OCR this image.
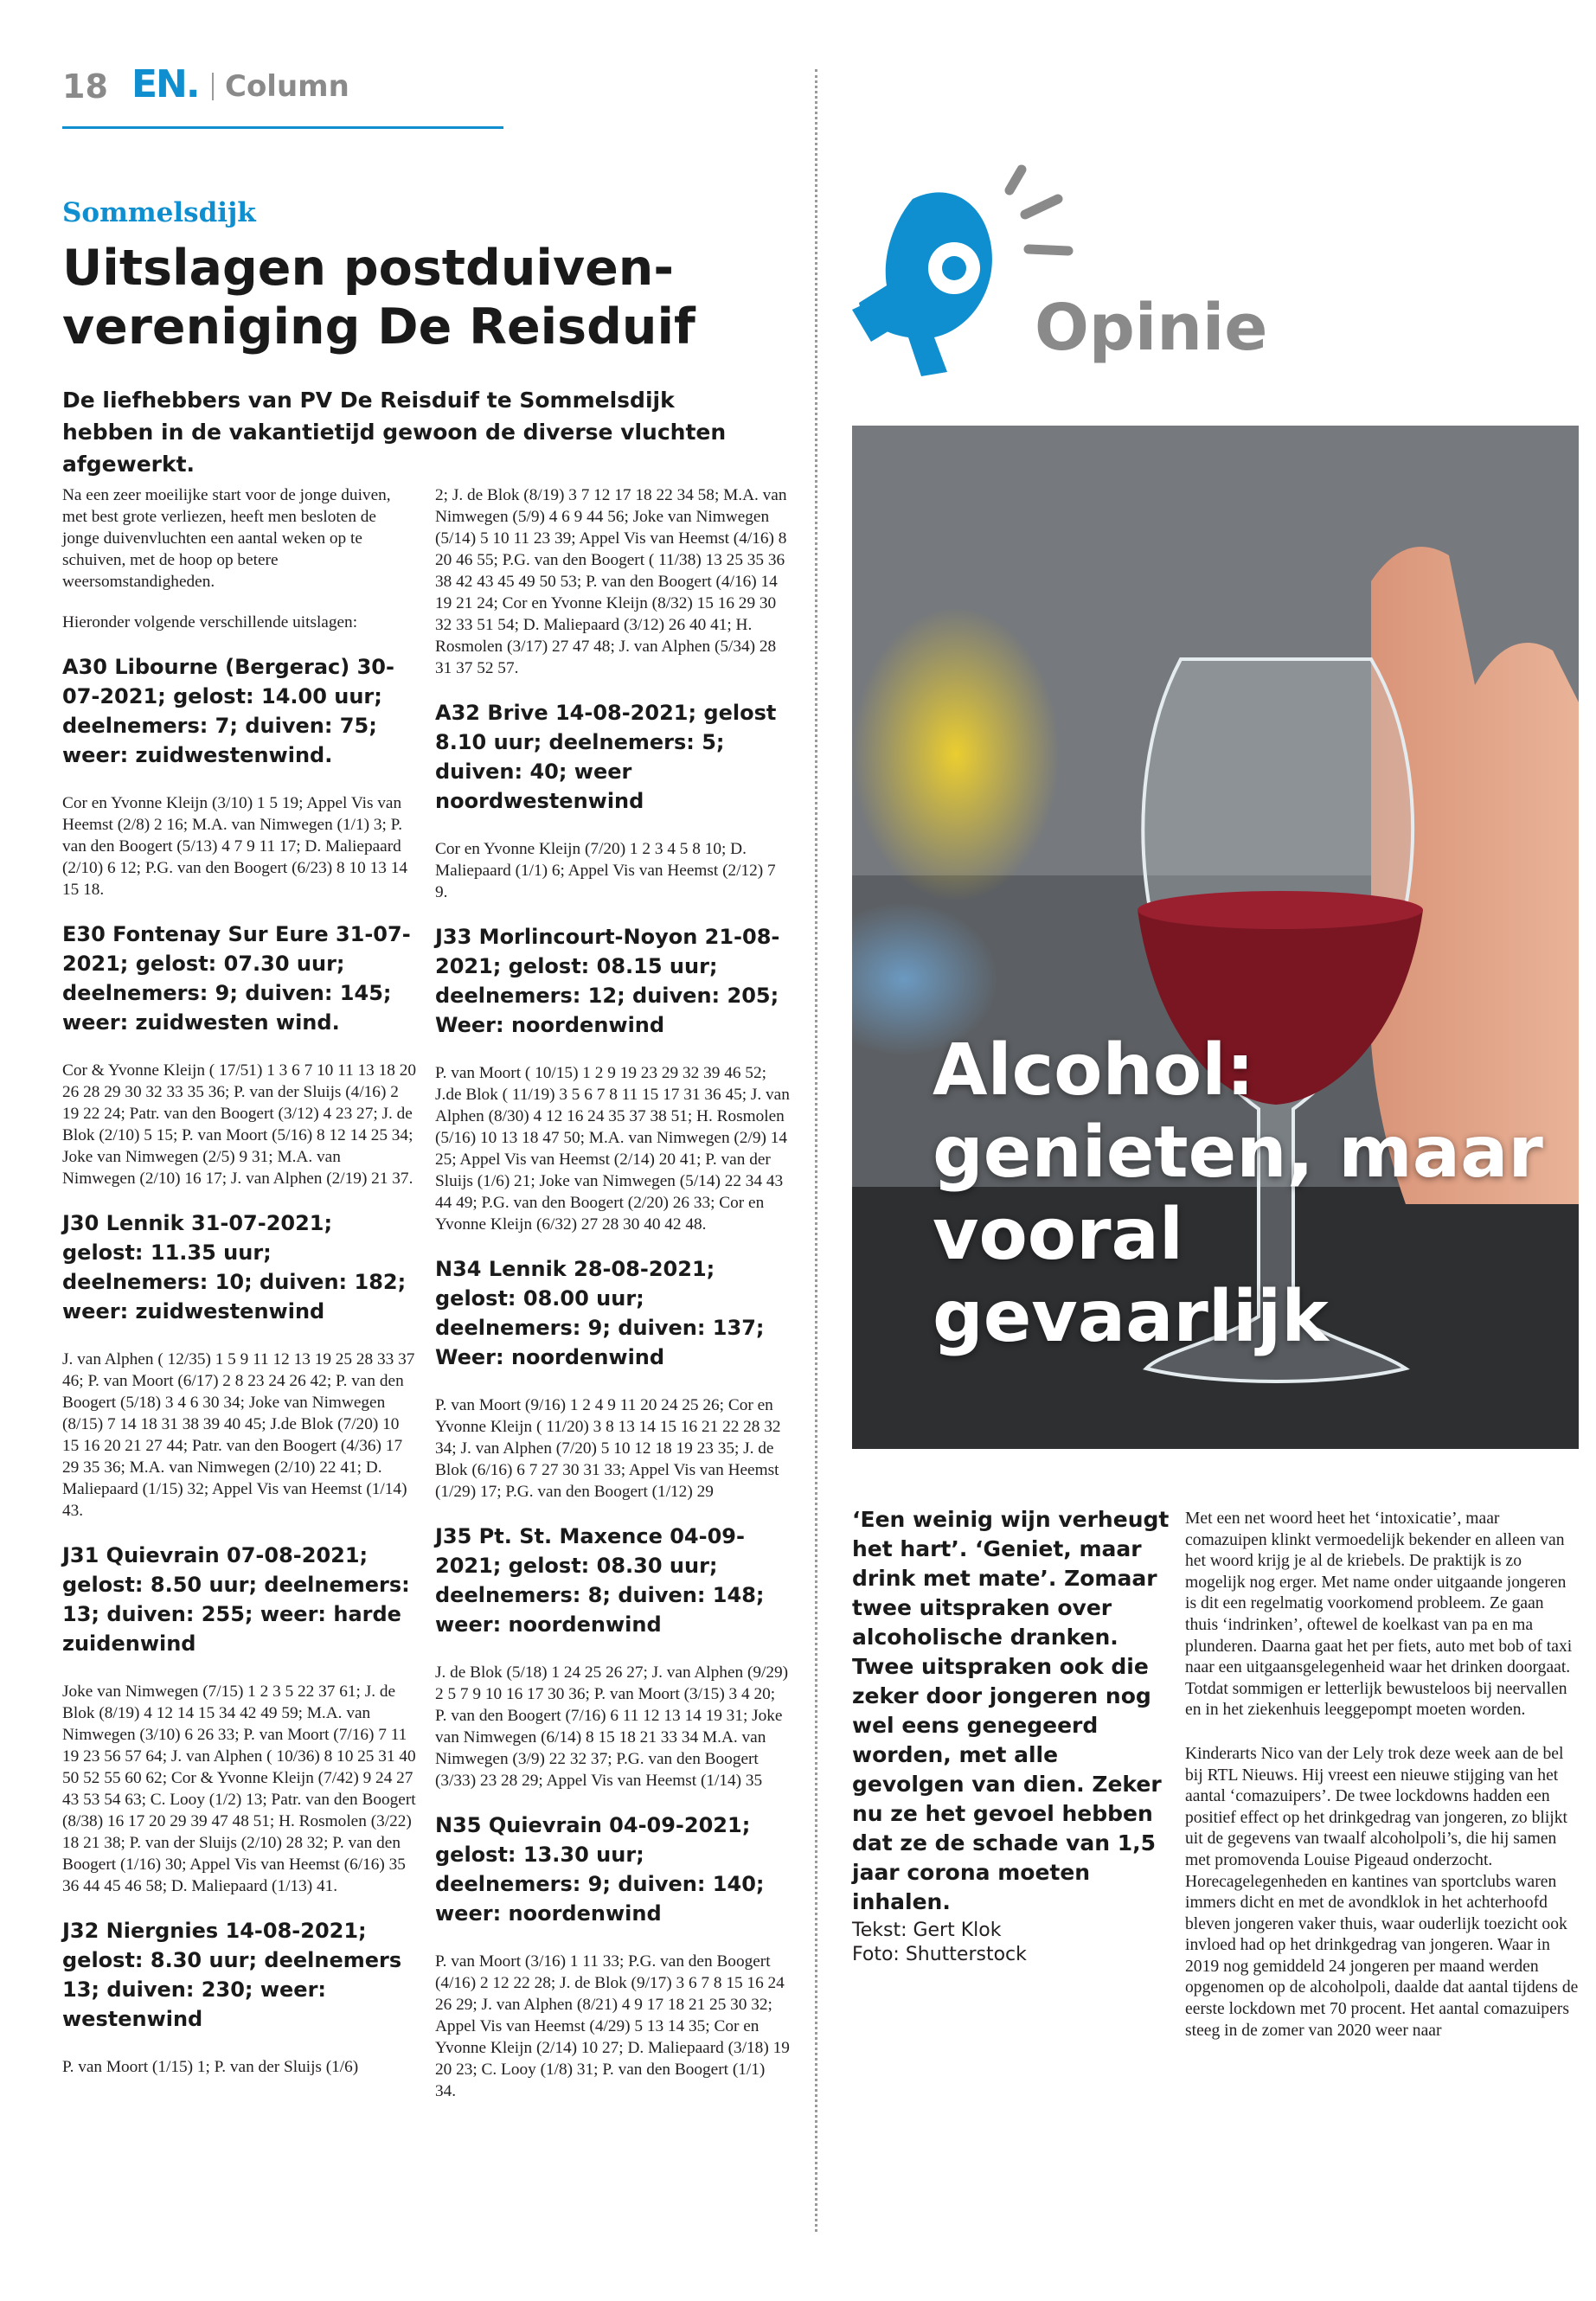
18 EN. Column
Sommelsdijk
Uitslagen postduiven-vereniging De Reisduif
De liefhebbers van PV De Reisduif te Sommelsdijk hebben in de vakantietijd gewoon de diverse vluchten afgewerkt.

Na een zeer moeilijke start voor de jonge duiven, met best grote verliezen, heeft men besloten de jonge duivenvluchten een aantal weken op te schuiven, met de hoop op betere weersomstandigheden.

Hieronder volgende verschillende uitslagen:

A30 Libourne (Bergerac) 30-07-2021; gelost: 14.00 uur; deelnemers: 7; duiven: 75; weer: zuidwestenwind.

Cor en Yvonne Kleijn (3/10) 1 5 19; Appel Vis van Heemst (2/8) 2 16; M.A. van Nimwegen (1/1) 3; P. van den Boogert (5/13) 4 7 9 11 17; D. Maliepaard (2/10) 6 12; P.G. van den Boogert (6/23) 8 10 13 14 15 18.

E30 Fontenay Sur Eure 31-07-2021; gelost: 07.30 uur; deelnemers: 9; duiven: 145; weer: zuidwesten wind.

Cor & Yvonne Kleijn ( 17/51) 1 3 6 7 10 11 13 18 20 26 28 29 30 32 33 35 36; P. van der Sluijs (4/16) 2 19 22 24; Patr. van den Boogert (3/12) 4 23 27; J. de Blok (2/10) 5 15; P. van Moort (5/16) 8 12 14 25 34; Joke van Nimwegen (2/5) 9 31; M.A. van Nimwegen (2/10) 16 17; J. van Alphen (2/19) 21 37.

J30 Lennik 31-07-2021; gelost: 11.35 uur; deelnemers: 10; duiven: 182; weer: zuidwestenwind

J. van Alphen ( 12/35) 1 5 9 11 12 13 19 25 28 33 37 46; P. van Moort (6/17) 2 8 23 24 26 42; P. van den Boogert (5/18) 3 4 6 30 34; Joke van Nimwegen (8/15) 7 14 18 31 38 39 40 45; J.de Blok (7/20) 10 15 16 20 21 27 44; Patr. van den Boogert (4/36) 17 29 35 36; M.A. van Nimwegen (2/10) 22 41; D. Maliepaard (1/15) 32; Appel Vis van Heemst (1/14) 43.

J31 Quievrain 07-08-2021; gelost: 8.50 uur; deelnemers: 13; duiven: 255; weer: harde zuidenwind

Joke van Nimwegen (7/15) 1 2 3 5 22 37 61; J. de Blok (8/19) 4 12 14 15 34 42 49 59; M.A. van Nimwegen (3/10) 6 26 33; P. van Moort (7/16) 7 11 19 23 56 57 64; J. van Alphen ( 10/36) 8 10 25 31 40 50 52 55 60 62; Cor & Yvonne Kleijn (7/42) 9 24 27 43 53 54 63; C. Looy (1/2) 13; Patr. van den Boogert (8/38) 16 17 20 29 39 47 48 51; H. Rosmolen (3/22) 18 21 38; P. van der Sluijs (2/10) 28 32; P. van den Boogert (1/16) 30; Appel Vis van Heemst (6/16) 35 36 44 45 46 58; D. Maliepaard (1/13) 41.

J32 Niergnies 14-08-2021; gelost: 8.30 uur; deelnemers 13; duiven: 230; weer: westenwind

P. van Moort (1/15) 1; P. van der Sluijs (1/6)

2; J. de Blok (8/19) 3 7 12 17 18 22 34 58; M.A. van Nimwegen (5/9) 4 6 9 44 56; Joke van Nimwegen (5/14) 5 10 11 23 39; Appel Vis van Heemst (4/16) 8 20 46 55; P.G. van den Boogert ( 11/38) 13 25 35 36 38 42 43 45 49 50 53; P. van den Boogert (4/16) 14 19 21 24; Cor en Yvonne Kleijn (8/32) 15 16 29 30 32 33 51 54; D. Maliepaard (3/12) 26 40 41; H. Rosmolen (3/17) 27 47 48; J. van Alphen (5/34) 28 31 37 52 57.

A32 Brive 14-08-2021; gelost 8.10 uur; deelnemers: 5; duiven: 40; weer noordwestenwind

Cor en Yvonne Kleijn (7/20) 1 2 3 4 5 8 10; D. Maliepaard (1/1) 6; Appel Vis van Heemst (2/12) 7 9.

J33 Morlincourt-Noyon 21-08-2021; gelost: 08.15 uur; deelnemers: 12; duiven: 205; Weer: noordenwind

P. van Moort ( 10/15) 1 2 9 19 23 29 32 39 46 52; J.de Blok ( 11/19) 3 5 6 7 8 11 15 17 31 36 45; J. van Alphen (8/30) 4 12 16 24 35 37 38 51; H. Rosmolen (5/16) 10 13 18 47 50; M.A. van Nimwegen (2/9) 14 25; Appel Vis van Heemst (2/14) 20 41; P. van der Sluijs (1/6) 21; Joke van Nimwegen (5/14) 22 34 43 44 49; P.G. van den Boogert (2/20) 26 33; Cor en Yvonne Kleijn (6/32) 27 28 30 40 42 48.

N34 Lennik 28-08-2021; gelost: 08.00 uur; deelnemers: 9; duiven: 137; Weer: noordenwind

P. van Moort (9/16) 1 2 4 9 11 20 24 25 26; Cor en Yvonne Kleijn ( 11/20) 3 8 13 14 15 16 21 22 28 32 34; J. van Alphen (7/20) 5 10 12 18 19 23 35; J. de Blok (6/16) 6 7 27 30 31 33; Appel Vis van Heemst (1/29) 17; P.G. van den Boogert (1/12) 29

J35 Pt. St. Maxence 04-09-2021; gelost: 08.30 uur; deelnemers: 8; duiven: 148; weer: noordenwind

J. de Blok (5/18) 1 24 25 26 27; J. van Alphen (9/29) 2 5 7 9 10 16 17 30 36; P. van Moort (3/15) 3 4 20; P. van den Boogert (7/16) 6 11 12 13 14 19 31; Joke van Nimwegen (6/14) 8 15 18 21 33 34 M.A. van Nimwegen (3/9) 22 32 37; P.G. van den Boogert (3/33) 23 28 29; Appel Vis van Heemst (1/14) 35

N35 Quievrain 04-09-2021; gelost: 13.30 uur; deelnemers: 9; duiven: 140; weer: noordenwind

P. van Moort (3/16) 1 11 33; P.G. van den Boogert (4/16) 2 12 22 28; J. de Blok (9/17) 3 6 7 8 15 16 24 26 29; J. van Alphen (8/21) 4 9 17 18 21 25 30 32; Appel Vis van Heemst (4/29) 5 13 14 35; Cor en Yvonne Kleijn (2/14) 10 27; D. Maliepaard (3/18) 19 20 23; C. Looy (1/8) 31; P. van den Boogert (1/1) 34.

Opinie
Alcohol: genieten, maar vooral gevaarlijk
‘Een weinig wijn verheugt het hart’. ‘Geniet, maar drink met mate’. Zomaar twee uitspraken over alcoholische dranken. Twee uitspraken ook die zeker door jongeren nog wel eens genegeerd worden, met alle gevolgen van dien. Zeker nu ze het gevoel hebben dat ze de schade van 1,5 jaar corona moeten inhalen.
Tekst: Gert Klok
Foto: Shutterstock

Met een net woord heet het ‘intoxicatie’, maar comazuipen klinkt vermoedelijk bekender en alleen van het woord krijg je al de kriebels. De praktijk is zo mogelijk nog erger. Met name onder uitgaande jongeren is dit een regelmatig voorkomend probleem. Ze gaan thuis ‘indrinken’, oftewel de koelkast van pa en ma plunderen. Daarna gaat het per fiets, auto met bob of taxi naar een uitgaansgelegenheid waar het drinken doorgaat. Totdat sommigen er letterlijk bewusteloos bij neervallen en in het ziekenhuis leeggepompt moeten worden.

Kinderarts Nico van der Lely trok deze week aan de bel bij RTL Nieuws. Hij vreest een nieuwe stijging van het aantal ‘comazuipers’. De twee lockdowns hadden een positief effect op het drinkgedrag van jongeren, zo blijkt uit de gegevens van twaalf alcoholpoli’s, die hij samen met promovenda Louise Pigeaud onderzocht. Horecagelegenheden en kantines van sportclubs waren immers dicht en met de avondklok in het achterhoofd bleven jongeren vaker thuis, waar ouderlijk toezicht ook invloed had op het drinkgedrag van jongeren. Waar in 2019 nog gemiddeld 24 jongeren per maand werden opgenomen op de alcoholpoli, daalde dat aantal tijdens de eerste lockdown met 70 procent. Het aantal comazuipers steeg in de zomer van 2020 weer naar
